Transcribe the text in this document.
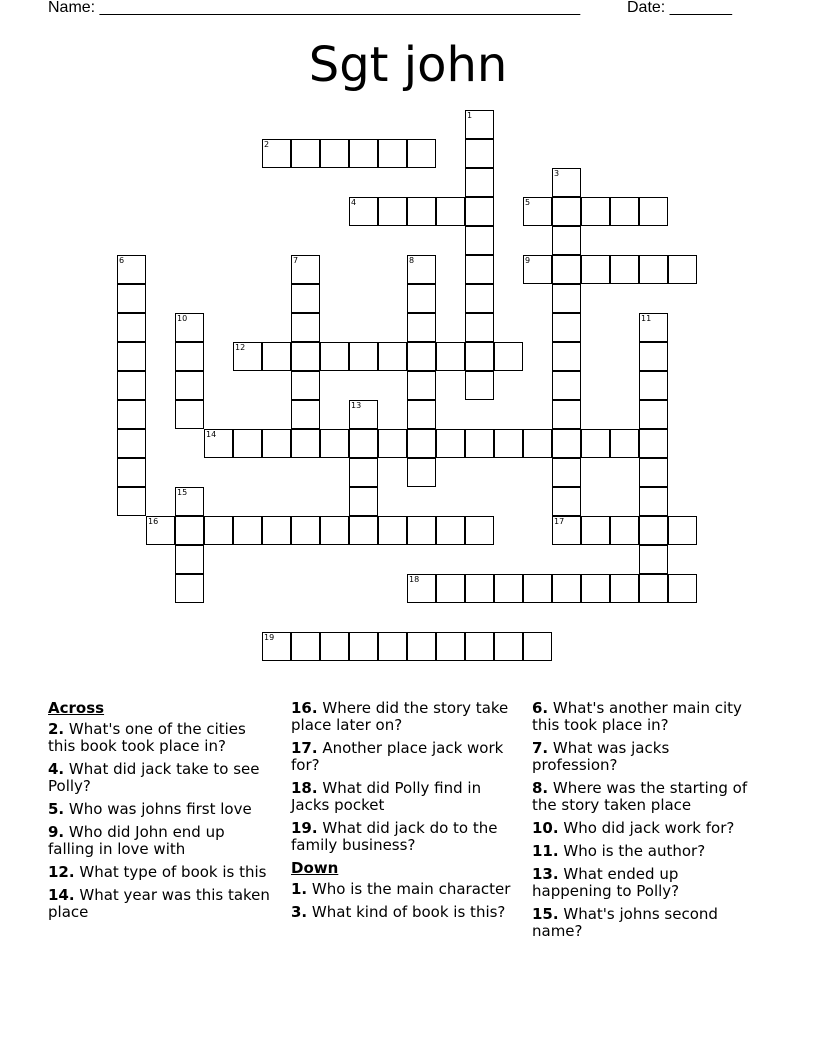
Name: ______________________________________________________	Date: _______
Sgt john
1
2
3
4	5
6	7	8	9
10	11
12
13
14
15
16	17
18
19
Across
2. What's one of the cities this book took place in?
4. What did jack take to see Polly?
5. Who was johns first love
9. Who did John end up falling in love with
12. What type of book is this
14. What year was this taken place
16. Where did the story take place later on?
17. Another place jack work for?
18. What did Polly find in Jacks pocket
19. What did jack do to the family business?
Down
1. Who is the main character
3. What kind of book is this?
6. What's another main city this took place in?
7. What was jacks profession?
8. Where was the starting of the story taken place
10. Who did jack work for?
11. Who is the author?
13. What ended up happening to Polly?
15. What's johns second name?
